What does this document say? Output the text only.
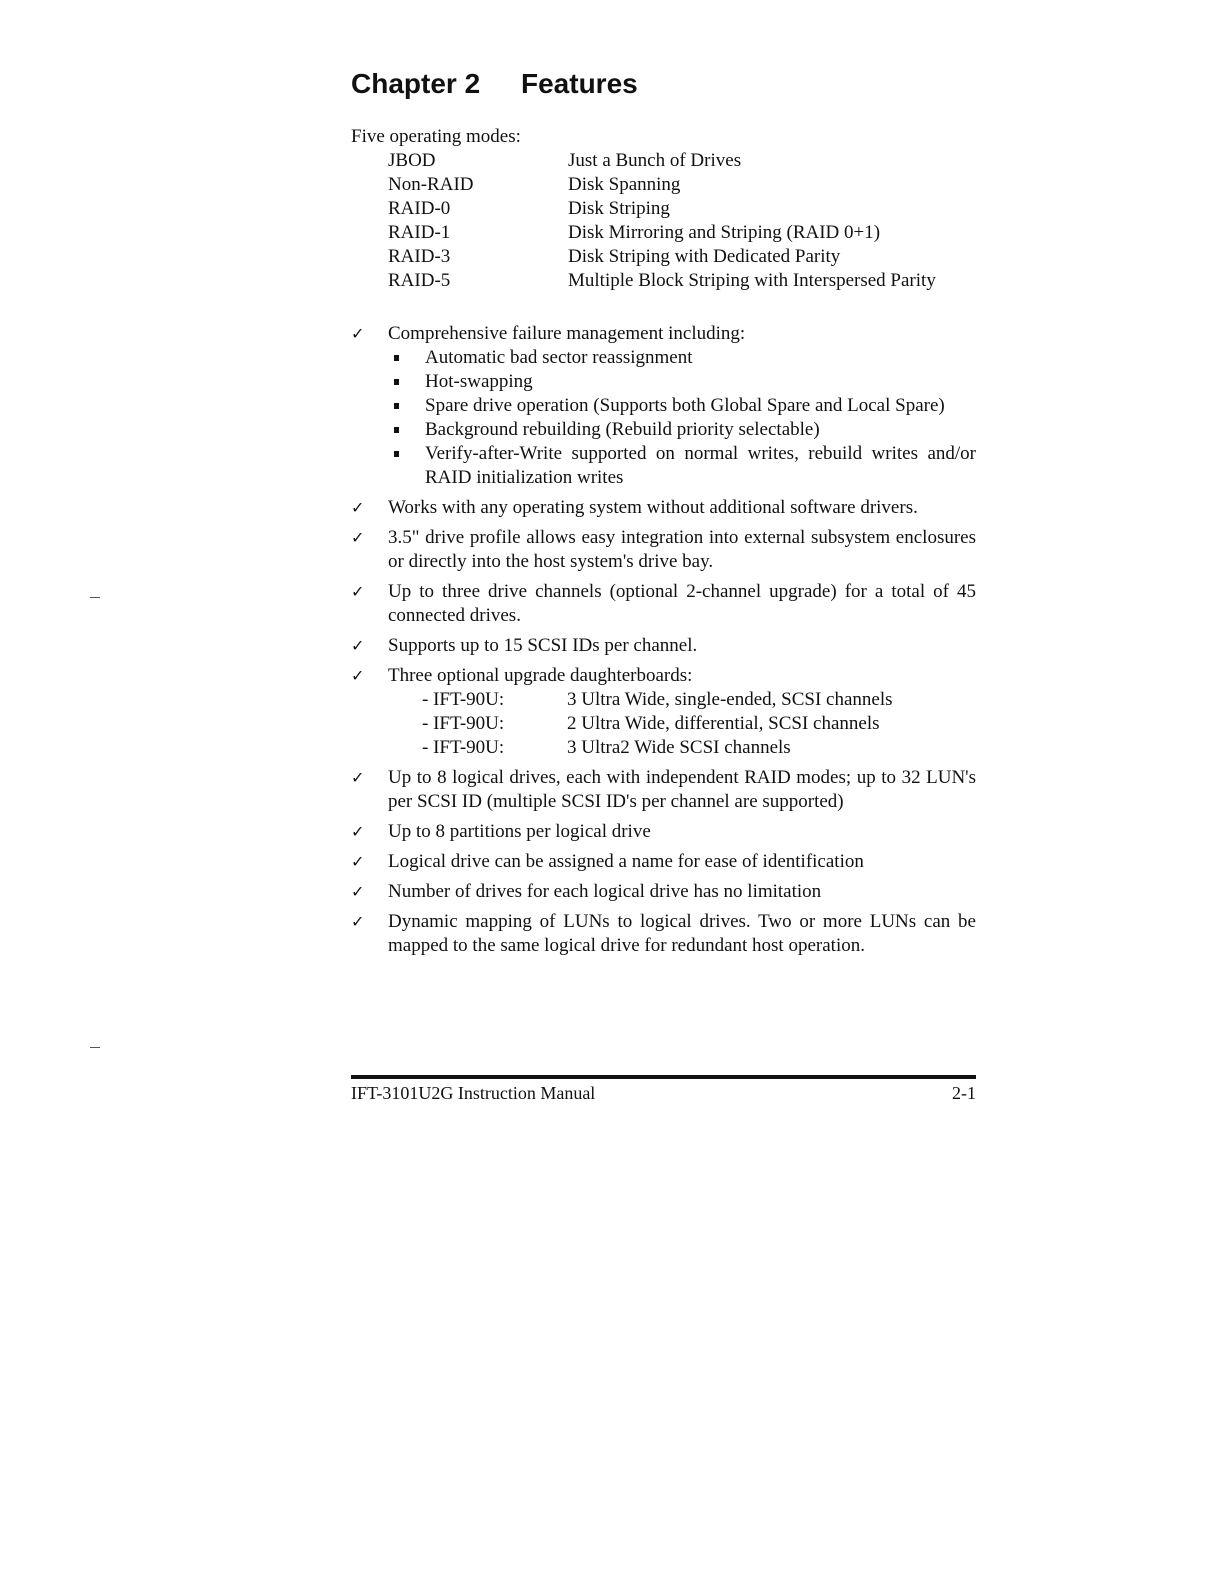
Chapter 2 Features
Five operating modes:
JBOD	Just a Bunch of Drives
Non-RAID	Disk Spanning
RAID-0	Disk Striping
RAID-1	Disk Mirroring and Striping (RAID 0+1)
RAID-3	Disk Striping with Dedicated Parity
RAID-5	Multiple Block Striping with Interspersed Parity
✓	Comprehensive failure management including:
Automatic bad sector reassignment
Hot-swapping
Spare drive operation (Supports both Global Spare and Local Spare)
Background rebuilding (Rebuild priority selectable)
Verify-after-Write supported on normal writes, rebuild writes and/or RAID initialization writes
✓	Works with any operating system without additional software drivers.
✓	3.5" drive profile allows easy integration into external subsystem enclosures or directly into the host system's drive bay.
✓	Up to three drive channels (optional 2-channel upgrade) for a total of 45 connected drives.
✓	Supports up to 15 SCSI IDs per channel.
✓	Three optional upgrade daughterboards:
- IFT-90U:	3 Ultra Wide, single-ended, SCSI channels
- IFT-90U:	2 Ultra Wide, differential, SCSI channels
- IFT-90U:	3 Ultra2 Wide SCSI channels
✓	Up to 8 logical drives, each with independent RAID modes; up to 32 LUN's per SCSI ID (multiple SCSI ID's per channel are supported)
✓	Up to 8 partitions per logical drive
✓	Logical drive can be assigned a name for ease of identification
✓	Number of drives for each logical drive has no limitation
✓	Dynamic mapping of LUNs to logical drives. Two or more LUNs can be mapped to the same logical drive for redundant host operation.
IFT-3101U2G Instruction Manual	2-1
